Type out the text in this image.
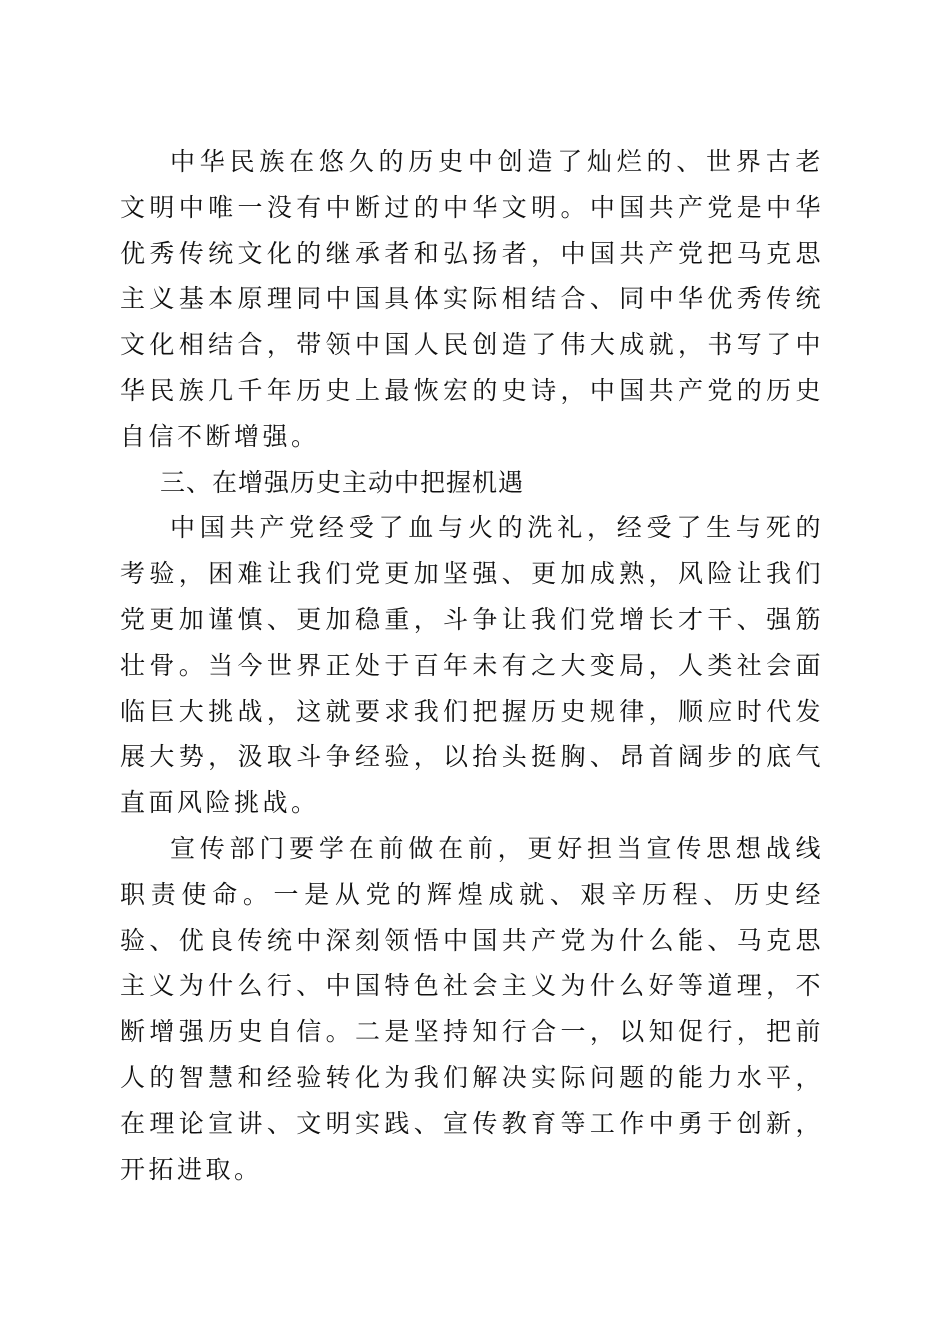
中华民族在悠久的历史中创造了灿烂的、世界古老文明中唯一没有中断过的中华文明。中国共产党是中华优秀传统文化的继承者和弘扬者，中国共产党把马克思主义基本原理同中国具体实际相结合、同中华优秀传统文化相结合，带领中国人民创造了伟大成就，书写了中华民族几千年历史上最恢宏的史诗，中国共产党的历史自信不断增强。

三、在增强历史主动中把握机遇

中国共产党经受了血与火的洗礼，经受了生与死的考验，困难让我们党更加坚强、更加成熟，风险让我们党更加谨慎、更加稳重，斗争让我们党增长才干、强筋壮骨。当今世界正处于百年未有之大变局，人类社会面临巨大挑战，这就要求我们把握历史规律，顺应时代发展大势，汲取斗争经验，以抬头挺胸、昂首阔步的底气直面风险挑战。

宣传部门要学在前做在前，更好担当宣传思想战线职责使命。一是从党的辉煌成就、艰辛历程、历史经验、优良传统中深刻领悟中国共产党为什么能、马克思主义为什么行、中国特色社会主义为什么好等道理，不断增强历史自信。二是坚持知行合一，以知促行，把前人的智慧和经验转化为我们解决实际问题的能力水平，在理论宣讲、文明实践、宣传教育等工作中勇于创新，开拓进取。
